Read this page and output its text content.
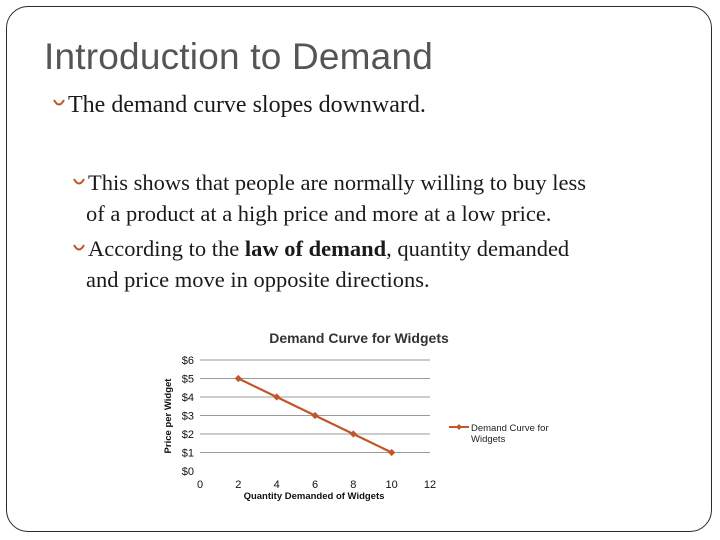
Introduction to Demand
The demand curve slopes downward.
This shows that people are normally willing to buy less
of a product at a high price and more at a low price.
According to the law of demand, quantity demanded
and price move in opposite directions.
Demand Curve for Widgets
$0
$1
$2
$3
$4
$5
$6
0	2	4	6	8	10 12
Price per Widget
Quantity Demanded of Widgets
Demand Curve for Widgets
